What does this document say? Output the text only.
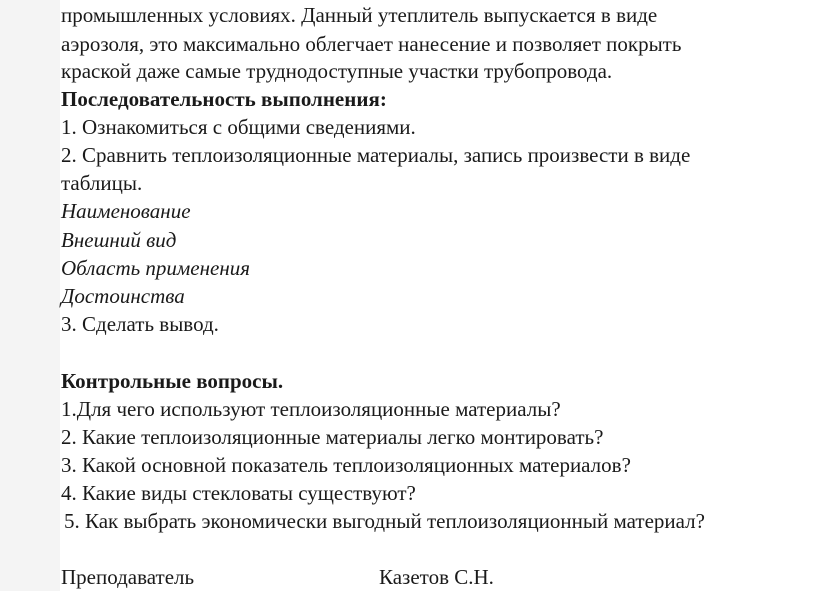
промышленных условиях. Данный утеплитель выпускается в виде
аэрозоля, это максимально облегчает нанесение и позволяет покрыть
краской даже самые труднодоступные участки трубопровода.
Последовательность выполнения:
1. Ознакомиться с общими сведениями.
2. Сравнить теплоизоляционные материалы, запись произвести в виде
таблицы.
Наименование
Внешний вид
Область применения
Достоинства
3. Сделать вывод.
Контрольные вопросы.
1.Для чего используют теплоизоляционные материалы?
2. Какие теплоизоляционные материалы легко монтировать?
3. Какой основной показатель теплоизоляционных материалов?
4. Какие виды стекловаты существуют?
5. Как выбрать экономически выгодный теплоизоляционный материал?
Преподаватель	Казетов С.Н.
